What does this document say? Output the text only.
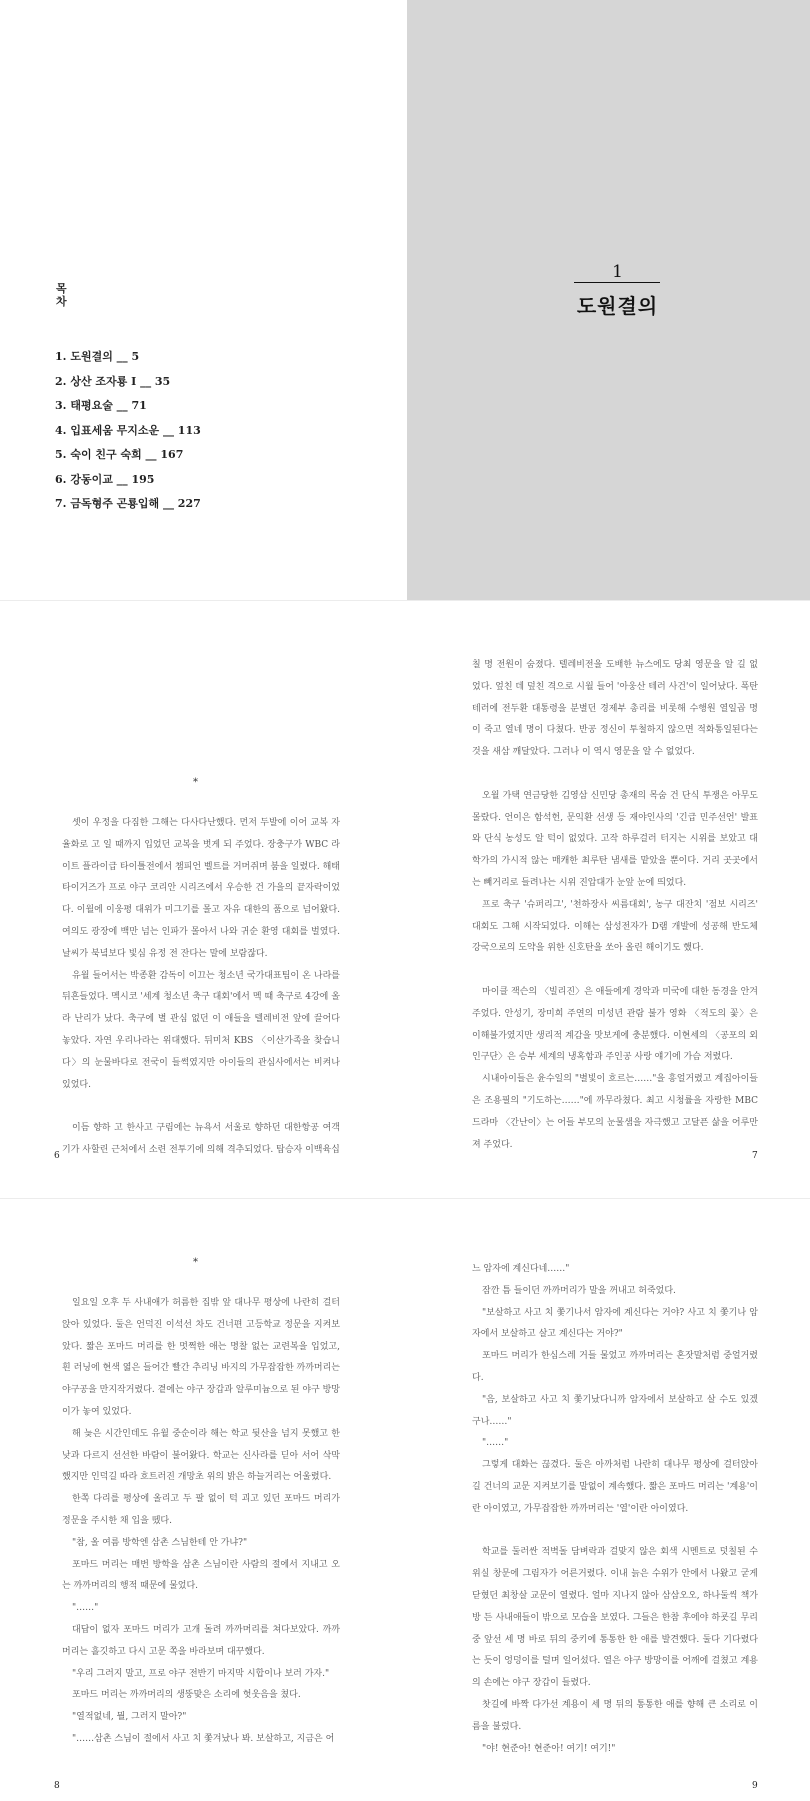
목
차
1. 도원결의 __ 5
2. 상산 조자룡 I __ 35
3. 태평요술 __ 71
4. 입표세움 무지소운 __ 113
5. 숙이 친구 숙희 __ 167
6. 강동이교 __ 195
7. 금독형주 곤룡입해 __ 227
1
도원결의
*

셋이 우정을 다짐한 그해는 다사다난했다. 먼저 두발에 이어 교복 자율화로 고 일 때까지 입었던 교복을 벗게 되 주었다. 장충구가 WBC 라이트 플라이급 타이틀전에서 챔피언 벨트를 거머쥐며 붐을 일렸다. 해태 타이거즈가 프로 야구 코리안 시리즈에서 우승한 건 가을의 끝자락이었다. 이월에 이웅평 대위가 미그기를 몰고 자유 대한의 품으로 넘어왔다. 여의도 광장에 백만 넘는 인파가 몰아서 나와 귀순 환영 대회를 벌였다. 날씨가 북녘보다 빛심 유정 전 잔다는 말에 보람잖다.

유월 들어서는 박종환 감독이 이끄는 청소년 국가대표팀이 온 나라를 뒤흔들었다. 멕시코 '세계 청소년 축구 대회'에서 멕 때 축구로 4강에 올라 난리가 났다. 축구에 별 관심 없던 이 애들을 텔레비전 앞에 끌어다 놓았다. 자연 우리나라는 위대했다. 뒤미처 KBS 〈이산가족을 찾습니다〉의 눈물바다로 전국이 들썩였지만 아이들의 관심사에서는 비켜나 있었다.

이듬 향하 고 한사고 구림에는 뉴욕서 서울로 향하던 대한항공 여객기가 사할린 근처에서 소련 전투기에 의해 격추되었다. 탑승자 이백육십

6

칠 명 전원이 숨졌다. 텔레비전을 도배한 뉴스에도 당최 영문을 알 길 없었다. 엎친 데 덮친 격으로 시월 들어 '아웅산 테러 사건'이 일어났다. 폭탄 테러에 전두환 대통령을 분별던 경제부 총리를 비롯해 수행원 열일곱 명이 죽고 열네 명이 다쳤다. 반공 정신이 투철하지 않으면 적화통일된다는 것을 새삼 깨달았다. 그러나 이 역시 영문을 알 수 없었다.

오월 가택 연금당한 김영삼 신민당 총재의 목숨 건 단식 투쟁은 아무도 몰랐다. 언이은 함석헌, 문익환 선생 등 재야인사의 '긴급 민주선언' 발표와 단식 농성도 알 턱이 없었다. 고작 하루걸러 터지는 시위를 보았고 대학가의 가시적 않는 매캐한 최루탄 냄새를 맡았을 뿐이다. 거리 곳곳에서는 빼거리로 들려나는 시위 진압대가 눈앞 눈에 띄었다.

프로 축구 '슈퍼리그', '천하장사 씨름대회', 농구 대잔치 '점보 시리즈' 대회도 그해 시작되었다. 이해는 삼성전자가 D램 개발에 성공해 반도체 강국으로의 도약을 위한 신호탄을 쏘아 올린 해이기도 했다.

마이클 잭슨의 〈빌리진〉은 애들에게 경악과 미국에 대한 동경을 안겨주었다. 안성기, 장미희 주연의 미성년 관람 불가 영화 〈적도의 꽃〉은 이해불가였지만 생리적 계감을 맛보게에 충분했다. 이현세의 〈공포의 외인구단〉은 승부 세계의 냉혹함과 주인공 사랑 얘기에 가슴 저렸다.

시내아이들은 윤수일의 "별빛이 흐르는……"을 흥얼거렸고 계집아이들은 조용필의 "기도하는……"에 까무라쳤다. 최고 시청률을 자랑한 MBC 드라마 〈간난이〉는 어들 부모의 눈물샘을 자극했고 고달픈 삶을 어루만져 주었다.

7
*

일요일 오후 두 사내애가 허름한 집밖 앞 대나무 평상에 나란히 걸터앉아 있었다. 둘은 언덕진 이석선 차도 건너편 고등학교 정문을 지켜보았다. 짧은 포마드 머리를 한 멋쩍한 애는 명찰 없는 교련복을 입었고, 흰 러닝에 현색 엷은 들어간 빨간 추리닝 바지의 가무잡잡한 까까머리는 야구공을 만지작거렸다. 곁에는 야구 장갑과 알루미늄으로 된 야구 방망이가 놓여 있었다.

해 늦은 시간인데도 유월 중순이라 해는 학교 뒷산을 넘지 못했고 한낮과 다르지 선선한 바람이 불어왔다. 학교는 신사라를 딛아 서어 삭막했지만 인덕길 따라 흐트러진 개망초 위의 밝은 하늘거리는 어울렸다.

한쪽 다리를 평상에 올리고 두 팔 없이 턱 괴고 있던 포마드 머리가 정문을 주시한 채 입을 뗐다.

"참, 올 여름 방학엔 삼촌 스님한테 안 가냐?"

포마드 머리는 매번 방학을 삼촌 스님이란 사람의 절에서 지내고 오는 까까머리의 행적 때문에 물었다.

"……"

대답이 없자 포마드 머리가 고개 돌려 까까머리를 쳐다보았다. 까까머리는 흘깃하고 다시 고문 쪽을 바라보며 대꾸했다.

"우리 그러지 말고, 프로 야구 전반기 마지막 시합이나 보러 가자."

포마드 머리는 까까머리의 생뚱맞은 소리에 헛웃음을 쳤다.

"열적없네, 뭘, 그러지 말아?"

"……삼촌 스님이 절에서 사고 치 쫓겨났나 봐. 보살하고, 지금은 어

8

느 암자에 계신다네……"

잠깐 틈 들이던 까까머리가 말을 꺼내고 허죽었다.

"보살하고 사고 치 쫓기나서 암자에 계신다는 거야? 사고 치 쫓기나 암자에서 보살하고 살고 계신다는 거야?"

포마드 머리가 한심스레 거들 물었고 까까머리는 혼잣말처럼 중얼거렸다.

"음, 보살하고 사고 치 쫓기났다니까 암자에서 보살하고 살 수도 있겠구나……"

"……"

그렇게 대화는 끊겼다. 둘은 아까처럼 나란히 대나무 평상에 걸터앉아 길 건너의 교문 지켜보기를 말없이 계속했다. 짧은 포마드 머리는 '계용'이란 아이였고, 가무잡잡한 까까머리는 '열'이란 아이였다.

학교를 둘러싼 적벽돌 담벼락과 걸맞지 않은 회색 시멘트로 덧칠된 수위실 창문에 그림자가 어른거렸다. 이내 늙은 수위가 안에서 나왔고 굳게 닫혔던 최창살 교문이 열렸다. 얼마 지나지 않아 삼삼오오, 하나둘씩 책가방 든 사내애들이 밖으로 모습을 보였다. 그들은 한참 후에야 하굣길 무리 중 앞선 세 명 바로 뒤의 중키에 통통한 한 애를 발견했다. 둘다 기다렸다는 듯이 엉덩이를 털며 일어섰다. 열은 야구 방망이를 어깨에 걸쳤고 계용의 손에는 야구 장갑이 들렸다.

찻길에 바짝 다가선 계용이 세 명 뒤의 통통한 애를 향해 큰 소리로 이름을 불렀다.

"야! 현준아! 현준아! 여기! 여기!"

9
